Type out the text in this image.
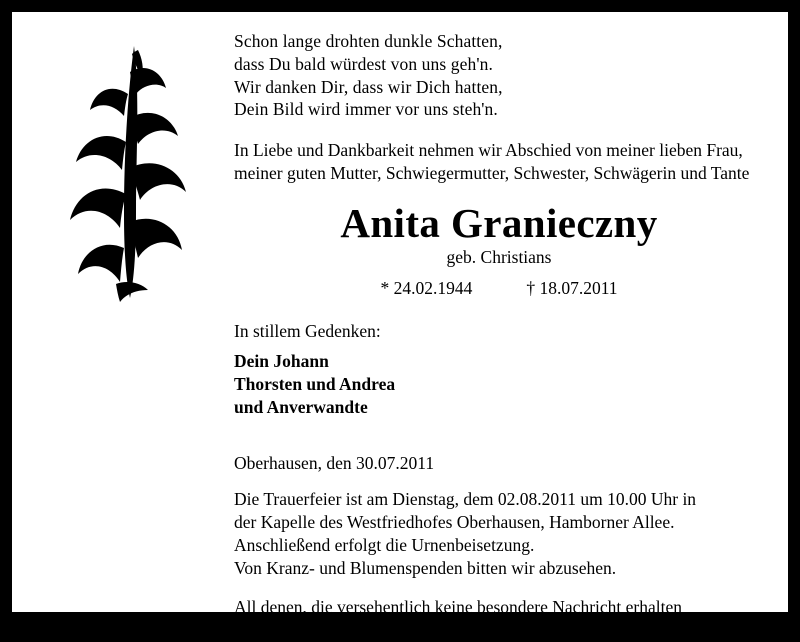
Schon lange drohten dunkle Schatten,
dass Du bald würdest von uns geh'n.
Wir danken Dir, dass wir Dich hatten,
Dein Bild wird immer vor uns steh'n.

In Liebe und Dankbarkeit nehmen wir Abschied von meiner lieben Frau, meiner guten Mutter, Schwiegermutter, Schwester, Schwägerin und Tante

Anita Granieczny
geb. Christians
* 24.02.1944	† 18.07.2011
In stillem Gedenken:
Dein Johann
Thorsten und Andrea
und Anverwandte
Oberhausen, den 30.07.2011
Die Trauerfeier ist am Dienstag, dem 02.08.2011 um 10.00 Uhr in
der Kapelle des Westfriedhofes Oberhausen, Hamborner Allee.
Anschließend erfolgt die Urnenbeisetzung.
Von Kranz- und Blumenspenden bitten wir abzusehen.
All denen, die versehentlich keine besondere Nachricht erhalten
haben, diene diese als solche.
